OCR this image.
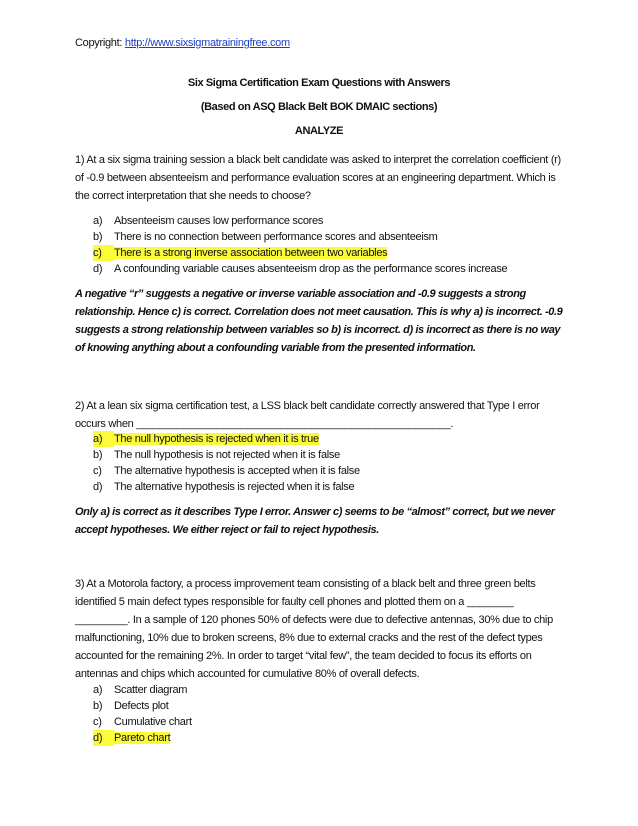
Copyright: http://www.sixsigmatrainingfree.com
Six Sigma Certification Exam Questions with Answers
(Based on ASQ Black Belt BOK DMAIC sections)
ANALYZE
1) At a six sigma training session a black belt candidate was asked to interpret the correlation coefficient (r) of -0.9 between absenteeism and performance evaluation scores at an engineering department. Which is the correct interpretation that she needs to choose?
a) Absenteeism causes low performance scores
b) There is no connection between performance scores and absenteeism
c) There is a strong inverse association between two variables
d) A confounding variable causes absenteeism drop as the performance scores increase
A negative “r” suggests a negative or inverse variable association and -0.9 suggests a strong relationship. Hence c) is correct. Correlation does not meet causation. This is why a) is incorrect. -0.9 suggests a strong relationship between variables so b) is incorrect. d) is incorrect as there is no way of knowing anything about a confounding variable from the presented information.
2) At a lean six sigma certification test, a LSS black belt candidate correctly answered that Type I error occurs when ______________________________________________________.
a) The null hypothesis is rejected when it is true
b) The null hypothesis is not rejected when it is false
c) The alternative hypothesis is accepted when it is false
d) The alternative hypothesis is rejected when it is false
Only a) is correct as it describes Type I error. Answer c) seems to be “almost” correct, but we never accept hypotheses. We either reject or fail to reject hypothesis.
3) At a Motorola factory, a process improvement team consisting of a black belt and three green belts identified 5 main defect types responsible for faulty cell phones and plotted them on a ________ _________. In a sample of 120 phones 50% of defects were due to defective antennas, 30% due to chip malfunctioning, 10% due to broken screens, 8% due to external cracks and the rest of the defect types accounted for the remaining 2%. In order to target “vital few”, the team decided to focus its efforts on antennas and chips which accounted for cumulative 80% of overall defects.
a) Scatter diagram
b) Defects plot
c) Cumulative chart
d) Pareto chart
